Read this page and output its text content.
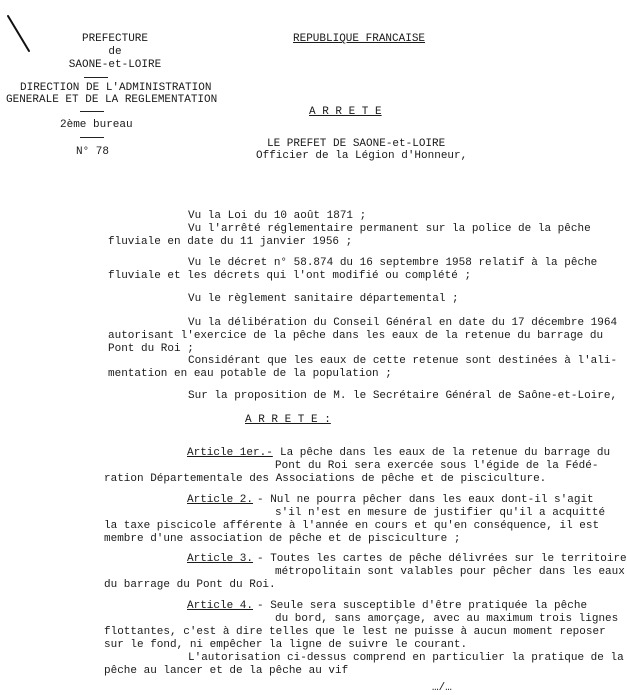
PREFECTURE
de
SAONE-et-LOIRE
DIRECTION DE L'ADMINISTRATION
GENERALE ET DE LA REGLEMENTATION
2ème bureau
N° 78
REPUBLIQUE FRANCAISE
A R R E T E
LE PREFET DE SAONE-et-LOIRE
Officier de la Légion d'Honneur,
Vu la Loi du 10 août 1871 ;
Vu l'arrêté réglementaire permanent sur la police de la pêche
fluviale en date du 11 janvier 1956 ;
Vu le décret n° 58.874 du 16 septembre 1958 relatif à la pêche
fluviale et les décrets qui l'ont modifié ou complété ;
Vu le règlement sanitaire départemental ;
Vu la délibération du Conseil Général en date du 17 décembre 1964
autorisant l'exercice de la pêche dans les eaux de la retenue du barrage du
Pont du Roi ;
Considérant que les eaux de cette retenue sont destinées à l'ali-
mentation en eau potable de la population ;
Sur la proposition de M. le Secrétaire Général de Saône-et-Loire,
A R R E T E :
Article 1er.- La pêche dans les eaux de la retenue du barrage du
Pont du Roi sera exercée sous l'égide de la Fédé-
ration Départementale des Associations de pêche et de pisciculture.
Article 2. - Nul ne pourra pêcher dans les eaux dont-il s'agit
s'il n'est en mesure de justifier qu'il a acquitté
la taxe piscicole afférente à l'année en cours et qu'en conséquence, il est
membre d'une association de pêche et de pisciculture ;
Article 3. - Toutes les cartes de pêche délivrées sur le territoire
métropolitain sont valables pour pêcher dans les eaux
du barrage du Pont du Roi.
Article 4. - Seule sera susceptible d'être pratiquée la pêche
du bord, sans amorçage, avec au maximum trois lignes
flottantes, c'est à dire telles que le lest ne puisse à aucun moment reposer
sur le fond, ni empêcher la ligne de suivre le courant.
L'autorisation ci-dessus comprend en particulier la pratique de la
pêche au lancer et de la pêche au vif
…/…
